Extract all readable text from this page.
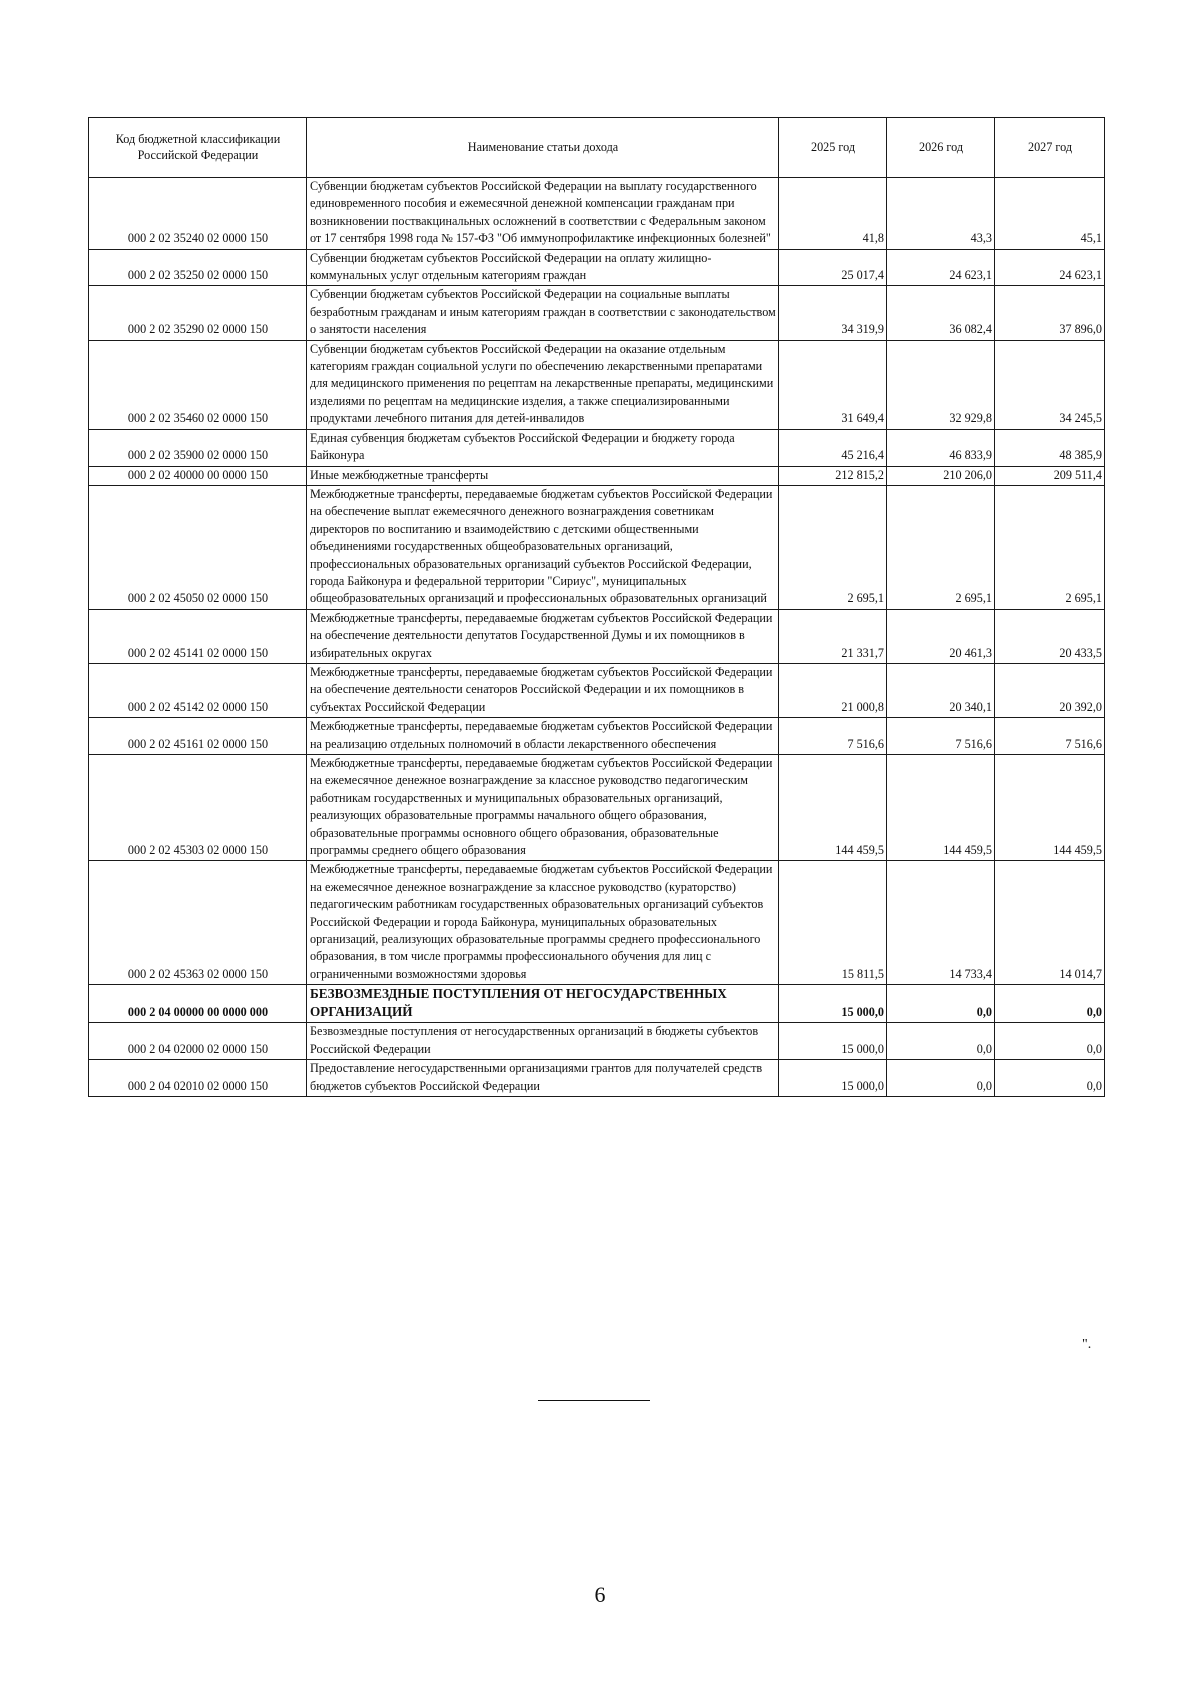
Код бюджетной классификации Российской Федерации	Наименование статьи дохода	2025 год	2026 год	2027 год
000 2 02 35240 02 0000 150	Субвенции бюджетам субъектов Российской Федерации на выплату государственного единовременного пособия и ежемесячной денежной компенсации гражданам при возникновении поствакцинальных осложнений в соответствии с Федеральным законом от 17 сентября 1998 года № 157-ФЗ "Об иммунопрофилактике инфекционных болезней"	41,8	43,3	45,1
000 2 02 35250 02 0000 150	Субвенции бюджетам субъектов Российской Федерации на оплату жилищно-коммунальных услуг отдельным категориям граждан	25 017,4	24 623,1	24 623,1
000 2 02 35290 02 0000 150	Субвенции бюджетам субъектов Российской Федерации на социальные выплаты безработным гражданам и иным категориям граждан в соответствии с законодательством о занятости населения	34 319,9	36 082,4	37 896,0
000 2 02 35460 02 0000 150	Субвенции бюджетам субъектов Российской Федерации на оказание отдельным категориям граждан социальной услуги по обеспечению лекарственными препаратами для медицинского применения по рецептам на лекарственные препараты, медицинскими изделиями по рецептам на медицинские изделия, а также специализированными продуктами лечебного питания для детей-инвалидов	31 649,4	32 929,8	34 245,5
000 2 02 35900 02 0000 150	Единая субвенция бюджетам субъектов Российской Федерации и бюджету города Байконура	45 216,4	46 833,9	48 385,9
000 2 02 40000 00 0000 150	Иные межбюджетные трансферты	212 815,2	210 206,0	209 511,4
000 2 02 45050 02 0000 150	Межбюджетные трансферты, передаваемые бюджетам субъектов Российской Федерации на обеспечение выплат ежемесячного денежного вознаграждения советникам директоров по воспитанию и взаимодействию с детскими общественными объединениями государственных общеобразовательных организаций, профессиональных образовательных организаций субъектов Российской Федерации, города Байконура и федеральной территории "Сириус", муниципальных общеобразовательных организаций и профессиональных образовательных организаций	2 695,1	2 695,1	2 695,1
000 2 02 45141 02 0000 150	Межбюджетные трансферты, передаваемые бюджетам субъектов Российской Федерации на обеспечение деятельности депутатов Государственной Думы и их помощников в избирательных округах	21 331,7	20 461,3	20 433,5
000 2 02 45142 02 0000 150	Межбюджетные трансферты, передаваемые бюджетам субъектов Российской Федерации на обеспечение деятельности сенаторов Российской Федерации и их помощников в субъектах Российской Федерации	21 000,8	20 340,1	20 392,0
000 2 02 45161 02 0000 150	Межбюджетные трансферты, передаваемые бюджетам субъектов Российской Федерации на реализацию отдельных полномочий в области лекарственного обеспечения	7 516,6	7 516,6	7 516,6
000 2 02 45303 02 0000 150	Межбюджетные трансферты, передаваемые бюджетам субъектов Российской Федерации на ежемесячное денежное вознаграждение за классное руководство педагогическим работникам государственных и муниципальных образовательных организаций, реализующих образовательные программы начального общего образования, образовательные программы основного общего образования, образовательные программы среднего общего образования	144 459,5	144 459,5	144 459,5
000 2 02 45363 02 0000 150	Межбюджетные трансферты, передаваемые бюджетам субъектов Российской Федерации на ежемесячное денежное вознаграждение за классное руководство (кураторство) педагогическим работникам государственных образовательных организаций субъектов Российской Федерации и города Байконура, муниципальных образовательных организаций, реализующих образовательные программы среднего профессионального образования, в том числе программы профессионального обучения для лиц с ограниченными возможностями здоровья	15 811,5	14 733,4	14 014,7
000 2 04 00000 00 0000 000	БЕЗВОЗМЕЗДНЫЕ ПОСТУПЛЕНИЯ ОТ НЕГОСУДАРСТВЕННЫХ ОРГАНИЗАЦИЙ	15 000,0	0,0	0,0
000 2 04 02000 02 0000 150	Безвозмездные поступления от негосударственных организаций в бюджеты субъектов Российской Федерации	15 000,0	0,0	0,0
000 2 04 02010 02 0000 150	Предоставление негосударственными организациями грантов для получателей средств бюджетов субъектов Российской Федерации	15 000,0	0,0	0,0
".
6
